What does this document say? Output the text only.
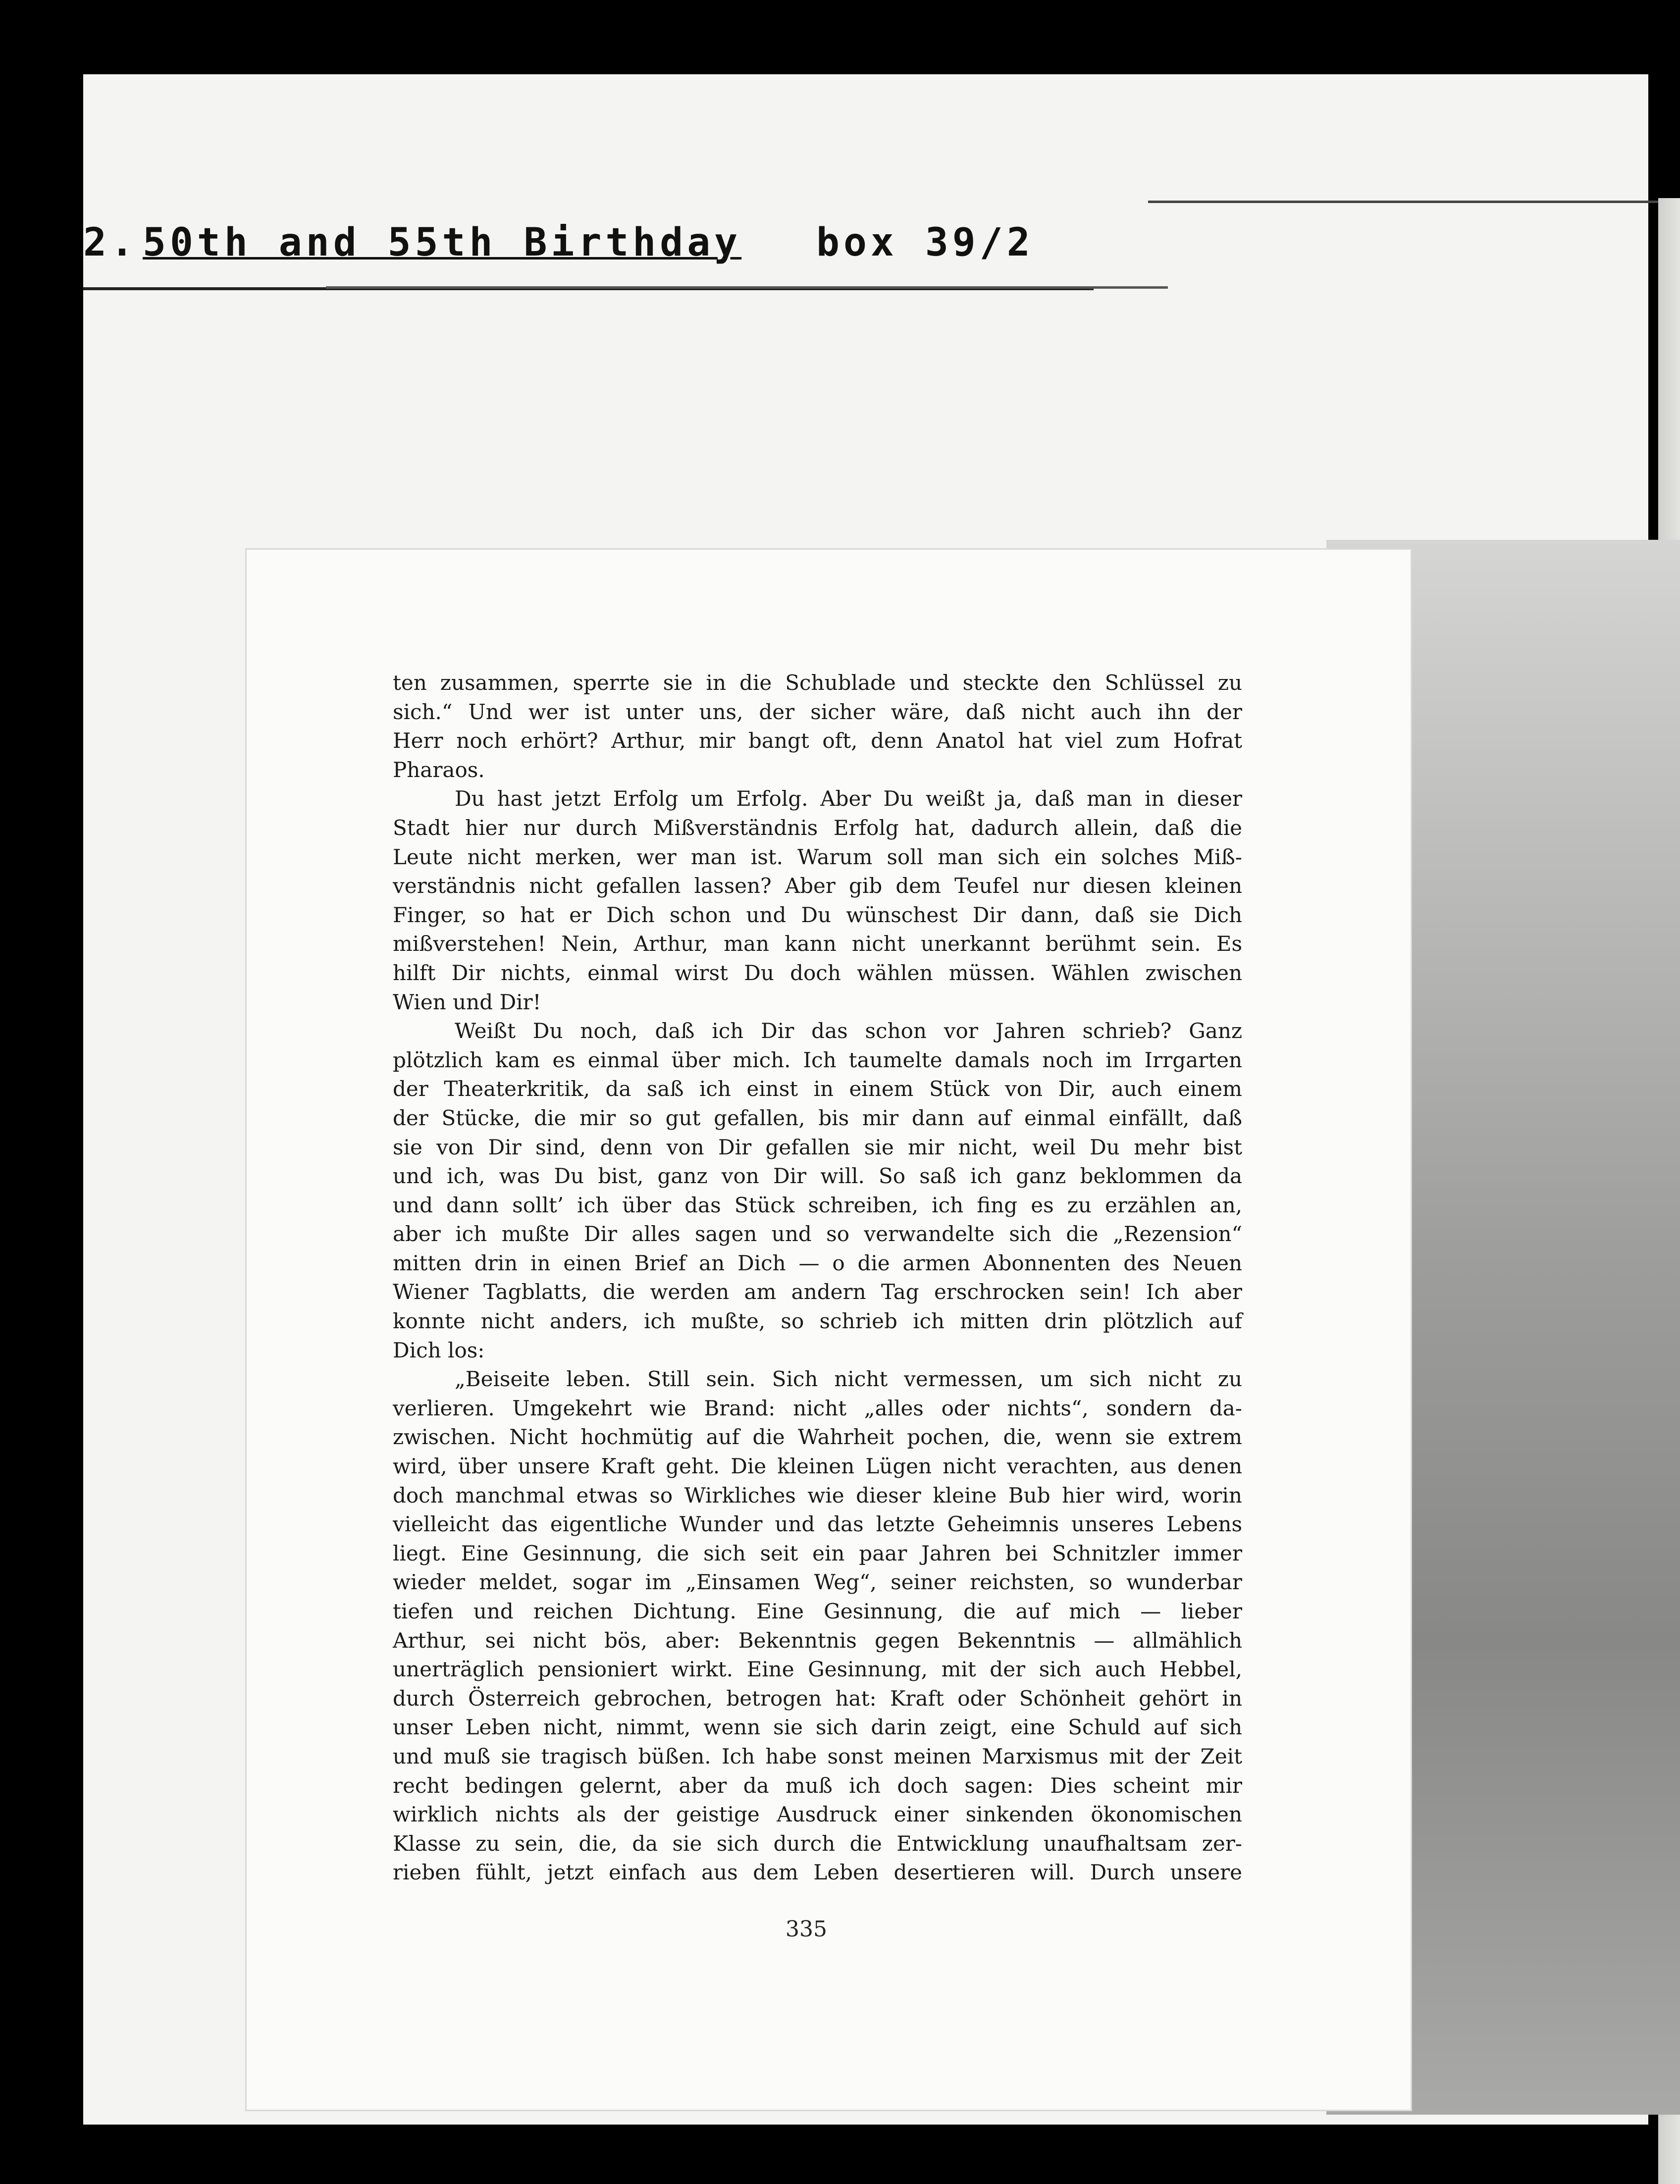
2. 50th and 55th Birthday box 39/2

ten zusammen, sperrte sie in die Schublade und steckte den Schlüssel zu

sich.“ Und wer ist unter uns, der sicher wäre, daß nicht auch ihn der

Herr noch erhört? Arthur, mir bangt oft, denn Anatol hat viel zum Hofrat

Pharaos.

Du hast jetzt Erfolg um Erfolg. Aber Du weißt ja, daß man in dieser

Stadt hier nur durch Mißverständnis Erfolg hat, dadurch allein, daß die

Leute nicht merken, wer man ist. Warum soll man sich ein solches Miß-

verständnis nicht gefallen lassen? Aber gib dem Teufel nur diesen kleinen

Finger, so hat er Dich schon und Du wünschest Dir dann, daß sie Dich

mißverstehen! Nein, Arthur, man kann nicht unerkannt berühmt sein. Es

hilft Dir nichts, einmal wirst Du doch wählen müssen. Wählen zwischen

Wien und Dir!

Weißt Du noch, daß ich Dir das schon vor Jahren schrieb? Ganz

plötzlich kam es einmal über mich. Ich taumelte damals noch im Irrgarten

der Theaterkritik, da saß ich einst in einem Stück von Dir, auch einem

der Stücke, die mir so gut gefallen, bis mir dann auf einmal einfällt, daß

sie von Dir sind, denn von Dir gefallen sie mir nicht, weil Du mehr bist

und ich, was Du bist, ganz von Dir will. So saß ich ganz beklommen da

und dann sollt’ ich über das Stück schreiben, ich fing es zu erzählen an,

aber ich mußte Dir alles sagen und so verwandelte sich die „Rezension“

mitten drin in einen Brief an Dich — o die armen Abonnenten des Neuen

Wiener Tagblatts, die werden am andern Tag erschrocken sein! Ich aber

konnte nicht anders, ich mußte, so schrieb ich mitten drin plötzlich auf

Dich los:

„Beiseite leben. Still sein. Sich nicht vermessen, um sich nicht zu

verlieren. Umgekehrt wie Brand: nicht „alles oder nichts“, sondern da-

zwischen. Nicht hochmütig auf die Wahrheit pochen, die, wenn sie extrem

wird, über unsere Kraft geht. Die kleinen Lügen nicht verachten, aus denen

doch manchmal etwas so Wirkliches wie dieser kleine Bub hier wird, worin

vielleicht das eigentliche Wunder und das letzte Geheimnis unseres Lebens

liegt. Eine Gesinnung, die sich seit ein paar Jahren bei Schnitzler immer

wieder meldet, sogar im „Einsamen Weg“, seiner reichsten, so wunderbar

tiefen und reichen Dichtung. Eine Gesinnung, die auf mich — lieber

Arthur, sei nicht bös, aber: Bekenntnis gegen Bekenntnis — allmählich

unerträglich pensioniert wirkt. Eine Gesinnung, mit der sich auch Hebbel,

durch Österreich gebrochen, betrogen hat: Kraft oder Schönheit gehört in

unser Leben nicht, nimmt, wenn sie sich darin zeigt, eine Schuld auf sich

und muß sie tragisch büßen. Ich habe sonst meinen Marxismus mit der Zeit

recht bedingen gelernt, aber da muß ich doch sagen: Dies scheint mir

wirklich nichts als der geistige Ausdruck einer sinkenden ökonomischen

Klasse zu sein, die, da sie sich durch die Entwicklung unaufhaltsam zer-

rieben fühlt, jetzt einfach aus dem Leben desertieren will. Durch unsere

335
